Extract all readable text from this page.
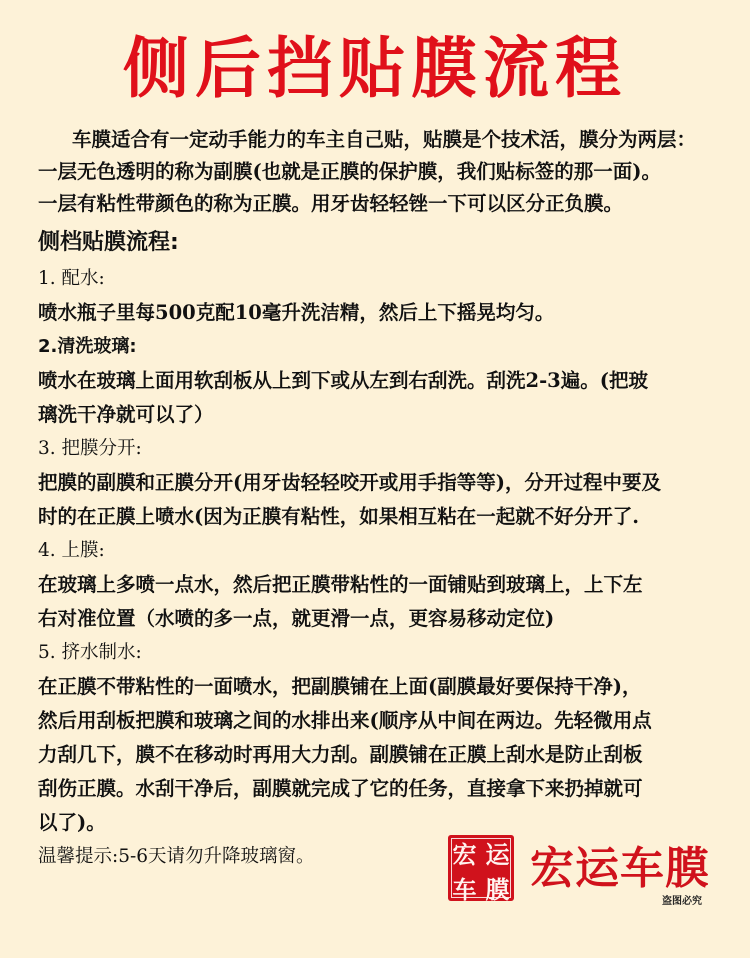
侧后挡贴膜流程

车膜适合有一定动手能力的车主自己贴，贴膜是个技术活，膜分为两层：

一层无色透明的称为副膜(也就是正膜的保护膜，我们贴标签的那一面)。

一层有粘性带颜色的称为正膜。用牙齿轻轻锉一下可以区分正负膜。

侧档贴膜流程:

1. 配水:

喷水瓶子里每500克配10毫升洗洁精，然后上下摇晃均匀。

2.清洗玻璃:

喷水在玻璃上面用软刮板从上到下或从左到右刮洗。刮洗2-3遍。(把玻

璃洗干净就可以了）

3. 把膜分开:

把膜的副膜和正膜分开(用牙齿轻轻咬开或用手指等等)，分开过程中要及

时的在正膜上喷水(因为正膜有粘性，如果相互粘在一起就不好分开了.

4. 上膜:

在玻璃上多喷一点水，然后把正膜带粘性的一面铺贴到玻璃上，上下左

右对准位置（水喷的多一点，就更滑一点，更容易移动定位)

5. 挤水制水:

在正膜不带粘性的一面喷水，把副膜铺在上面(副膜最好要保持干净)，

然后用刮板把膜和玻璃之间的水排出来(顺序从中间在两边。先轻微用点

力刮几下，膜不在移动时再用大力刮。副膜铺在正膜上刮水是防止刮板

刮伤正膜。水刮干净后，副膜就完成了它的任务，直接拿下来扔掉就可

以了)。

温馨提示:5-6天请勿升降玻璃窗。	宏 运
车 膜 宏运车膜
盗图必究
